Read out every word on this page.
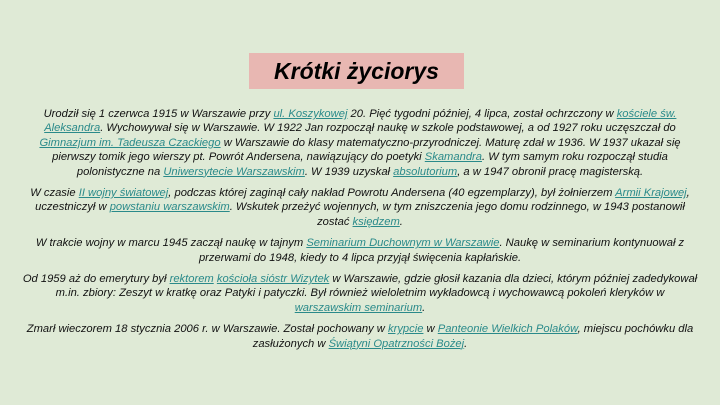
Krótki życiorys

Urodził się 1 czerwca 1915 w Warszawie przy ul. Koszykowej 20. Pięć tygodni później, 4 lipca, został ochrzczony w kościele św. Aleksandra. Wychowywał się w Warszawie. W 1922 Jan rozpoczął naukę w szkole podstawowej, a od 1927 roku uczęszczał do Gimnazjum im. Tadeusza Czackiego w Warszawie do klasy matematyczno-przyrodniczej. Maturę zdał w 1936. W 1937 ukazał się pierwszy tomik jego wierszy pt. Powrót Andersena, nawiązujący do poetyki Skamandra. W tym samym roku rozpoczął studia polonistyczne na Uniwersytecie Warszawskim. W 1939 uzyskał absolutorium, a w 1947 obronił pracę magisterską.

W czasie II wojny światowej, podczas której zaginął cały nakład Powrotu Andersena (40 egzemplarzy), był żołnierzem Armii Krajowej, uczestniczył w powstaniu warszawskim. Wskutek przeżyć wojennych, w tym zniszczenia jego domu rodzinnego, w 1943 postanowił zostać księdzem.

W trakcie wojny w marcu 1945 zaczął naukę w tajnym Seminarium Duchownym w Warszawie. Naukę w seminarium kontynuował z przerwami do 1948, kiedy to 4 lipca przyjął święcenia kapłańskie.

Od 1959 aż do emerytury był rektorem kościoła sióstr Wizytek w Warszawie, gdzie głosił kazania dla dzieci, którym później zadedykował m.in. zbiory: Zeszyt w kratkę oraz Patyki i patyczki. Był również wieloletnim wykładowcą i wychowawcą pokoleń kleryków w warszawskim seminarium.

Zmarł wieczorem 18 stycznia 2006 r. w Warszawie. Został pochowany w krypcie w Panteonie Wielkich Polaków, miejscu pochówku dla zasłużonych w Świątyni Opatrzności Bożej.
